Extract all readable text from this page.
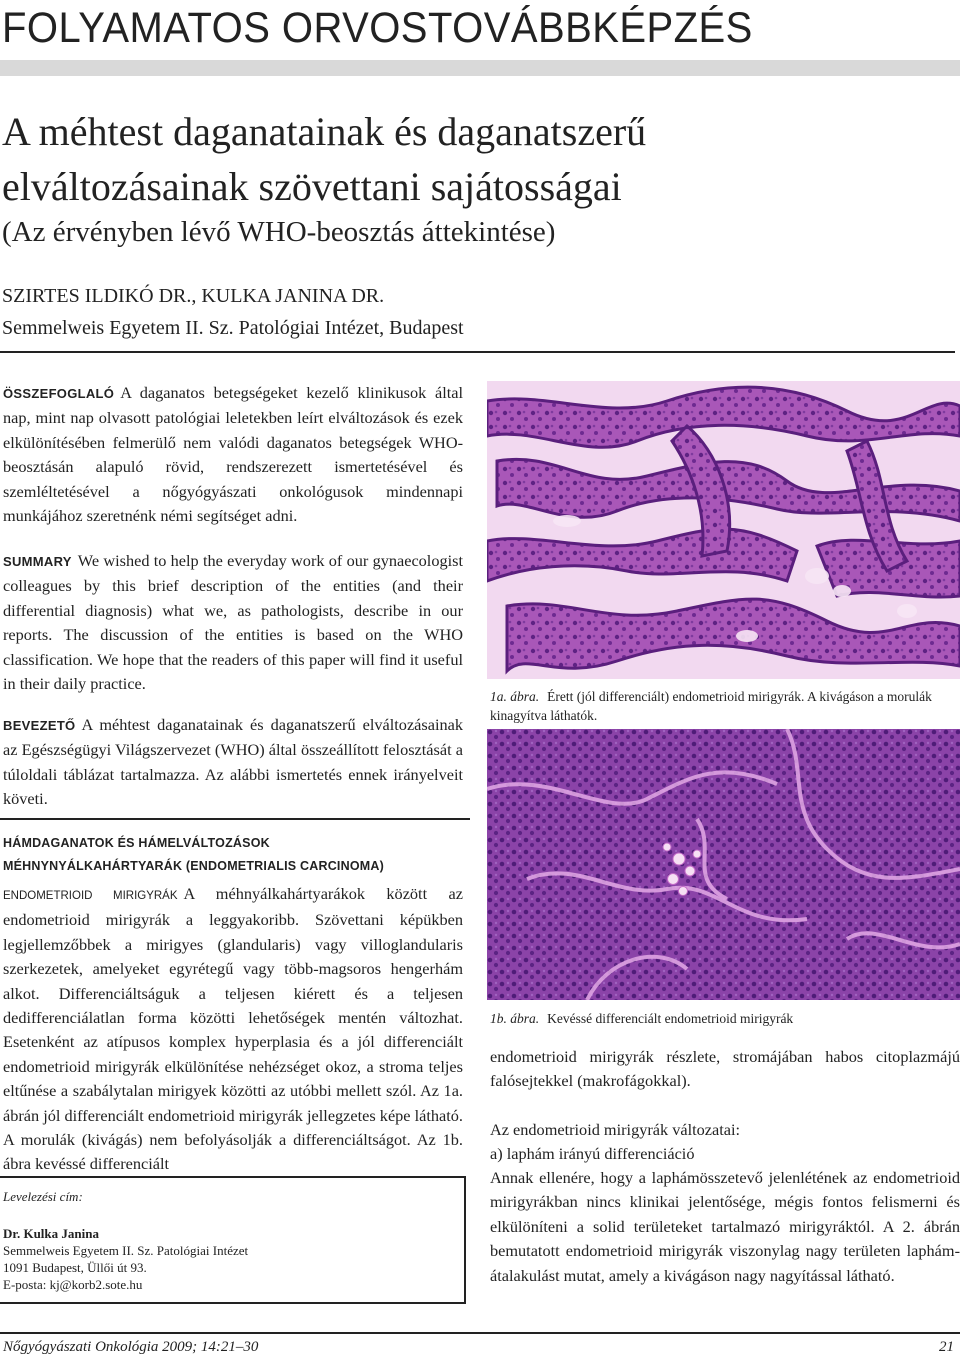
FOLYAMATOS ORVOSTOVÁBBKÉPZÉS
A méhtest daganatainak és daganatszerű
elváltozásainak szövettani sajátosságai
(Az érvényben lévő WHO-beosztás áttekintése)
SZIRTES ILDIKÓ DR., KULKA JANINA DR.
Semmelweis Egyetem II. Sz. Patológiai Intézet, Budapest
ÖSSZEFOGLALÓ A daganatos betegségeket kezelő klinikusok által nap, mint nap olvasott patológiai leletekben leírt elváltozások és ezek elkülönítésében felmerülő nem valódi daganatos betegségek WHO-beosztásán alapuló rövid, rendszerezett ismertetésével és szemléltetésével a nőgyógyászati onkológusok mindennapi munkájához szeretnénk némi segítséget adni.
SUMMARY We wished to help the everyday work of our gynaecologist colleagues by this brief description of the entities (and their differential diagnosis) what we, as pathologists, describe in our reports. The discussion of the entities is based on the WHO classification. We hope that the readers of this paper will find it useful in their daily practice.
BEVEZETŐ A méhtest daganatainak és daganatszerű elváltozásainak az Egészségügyi Világszervezet (WHO) által összeállított felosztását a túloldali táblázat tartalmazza. Az alábbi ismertetés ennek irányelveit követi.
HÁMDAGANATOK ÉS HÁMELVÁLTOZÁSOK
MÉHNYNYÁLKAHÁRTYARÁK (ENDOMETRIALIS CARCINOMA)
ENDOMETRIOID MIRIGYRÁK A méhnyálkahártyarákok között az endometrioid mirigyrák a leggyakoribb. Szövettani képükben legjellemzőbbek a mirigyes (glandularis) vagy villoglandularis szerkezetek, amelyeket egyrétegű vagy több-magsoros hengerhám alkot. Differenciáltságuk a teljesen kiérett és a teljesen dedifferenciálatlan forma közötti lehetőségek mentén változhat. Esetenként az atípusos komplex hyperplasia és a jól differenciált endometrioid mirigyrák elkülönítése nehézséget okoz, a stroma teljes eltűnése a szabálytalan mirigyek közötti az utóbbi mellett szól. Az 1a. ábrán jól differenciált endometrioid mirigyrák jellegzetes képe látható. A morulák (kivágás) nem befolyásolják a differenciáltságot. Az 1b. ábra kevéssé differenciált
Levelezési cím:
Dr. Kulka Janina
Semmelweis Egyetem II. Sz. Patológiai Intézet
1091 Budapest, Üllői út 93.
E-posta: kj@korb2.sote.hu
1a. ábra. Érett (jól differenciált) endometrioid mirigyrák. A kivágáson a morulák kinagyítva láthatók.
1b. ábra. Kevéssé differenciált endometrioid mirigyrák
endometrioid mirigyrák részlete, stromájában habos citoplazmájú falósejtekkel (makrofágokkal).
Az endometrioid mirigyrák változatai:
a) laphám irányú differenciáció
Annak ellenére, hogy a laphámösszetevő jelenlétének az endometrioid mirigyrákban nincs klinikai jelentősége, mégis fontos felismerni és elkülöníteni a solid területeket tartalmazó mirigyráktól. A 2. ábrán bemutatott endometrioid mirigyrák viszonylag nagy területen laphám-átalakulást mutat, amely a kivágáson nagy nagyítással látható.
Nőgyógyászati Onkológia 2009; 14:21–30	21
